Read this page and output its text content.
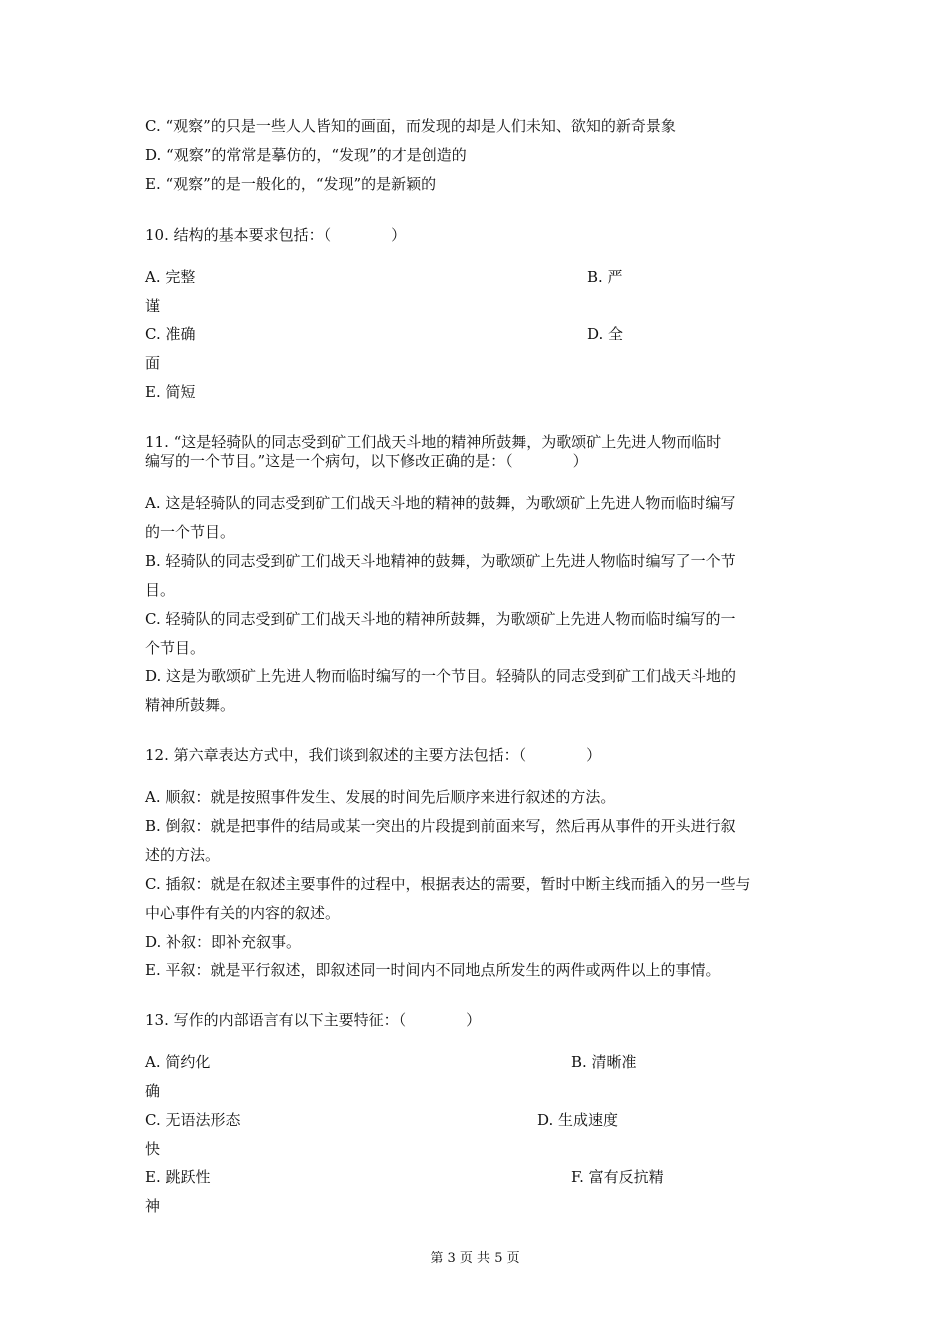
C. “观察”的只是一些人人皆知的画面，而发现的却是人们未知、欲知的新奇景象
D. “观察”的常常是摹仿的，“发现”的才是创造的
E. “观察”的是一般化的，“发现”的是新颖的
10. 结构的基本要求包括：（　　　　）
A. 完整	B. 严
谨
C. 准确	D. 全
面
E. 简短
11. “这是轻骑队的同志受到矿工们战天斗地的精神所鼓舞，为歌颂矿上先进人物而临时
编写的一个节目。”这是一个病句，以下修改正确的是：（　　　　）
A. 这是轻骑队的同志受到矿工们战天斗地的精神的鼓舞，为歌颂矿上先进人物而临时编写
的一个节目。
B. 轻骑队的同志受到矿工们战天斗地精神的鼓舞，为歌颂矿上先进人物临时编写了一个节
目。
C. 轻骑队的同志受到矿工们战天斗地的精神所鼓舞，为歌颂矿上先进人物而临时编写的一
个节目。
D. 这是为歌颂矿上先进人物而临时编写的一个节目。轻骑队的同志受到矿工们战天斗地的
精神所鼓舞。
12. 第六章表达方式中，我们谈到叙述的主要方法包括：（　　　　）
A. 顺叙：就是按照事件发生、发展的时间先后顺序来进行叙述的方法。
B. 倒叙：就是把事件的结局或某一突出的片段提到前面来写，然后再从事件的开头进行叙
述的方法。
C. 插叙：就是在叙述主要事件的过程中，根据表达的需要，暂时中断主线而插入的另一些与
中心事件有关的内容的叙述。
D. 补叙：即补充叙事。
E. 平叙：就是平行叙述，即叙述同一时间内不同地点所发生的两件或两件以上的事情。
13. 写作的内部语言有以下主要特征：（　　　　）
A. 简约化	B. 清晰准
确
C. 无语法形态	D. 生成速度
快
E. 跳跃性	F. 富有反抗精
神
第 3 页 共 5 页
